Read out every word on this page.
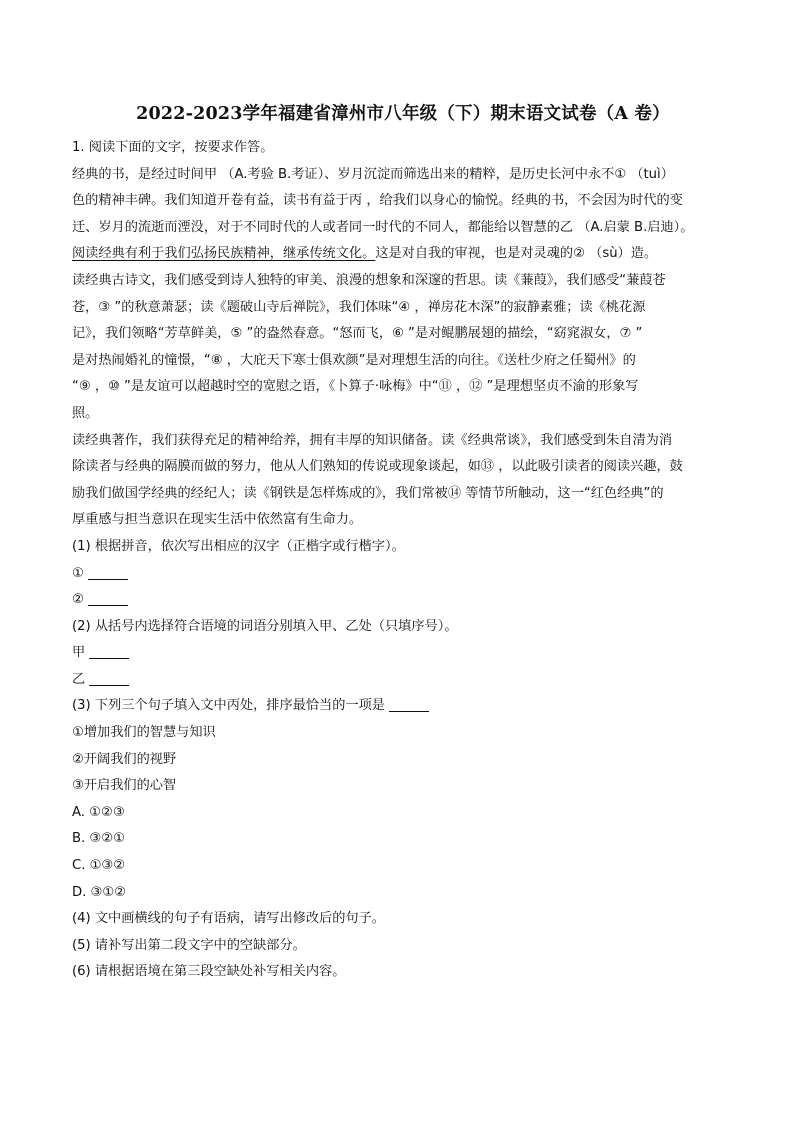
2022-2023学年福建省漳州市八年级（下）期末语文试卷（A 卷）
1. 阅读下面的文字，按要求作答。
经典的书，是经过时间甲 （A.考验 B.考证）、岁月沉淀而筛选出来的精粹，是历史长河中永不① （tuì）
色的精神丰碑。我们知道开卷有益，读书有益于丙 ，给我们以身心的愉悦。经典的书，不会因为时代的变
迁、岁月的流逝而湮没，对于不同时代的人或者同一时代的不同人，都能给以智慧的乙 （A.启蒙 B.启迪）。
阅读经典有利于我们弘扬民族精神，继承传统文化。这是对自我的审视，也是对灵魂的② （sù）造。
读经典古诗文，我们感受到诗人独特的审美、浪漫的想象和深邃的哲思。读《蒹葭》，我们感受“蒹葭苍
苍，③ ”的秋意萧瑟；读《题破山寺后禅院》，我们体味“④ ，禅房花木深”的寂静素雅；读《桃花源
记》，我们领略“芳草鲜美，⑤ ”的盎然春意。“怒而飞，⑥ ”是对鲲鹏展翅的描绘，“窈窕淑女，⑦ ”
是对热闹婚礼的憧憬，“⑧ ，大庇天下寒士俱欢颜”是对理想生活的向往。《送杜少府之任蜀州》的
“⑨ ，⑩ ”是友谊可以超越时空的宽慰之语，《卜算子·咏梅》中“⑪ ，⑫ ”是理想坚贞不渝的形象写
照。
读经典著作，我们获得充足的精神给养，拥有丰厚的知识储备。读《经典常谈》，我们感受到朱自清为消
除读者与经典的隔膜而做的努力，他从人们熟知的传说或现象谈起，如⑬ ，以此吸引读者的阅读兴趣，鼓
励我们做国学经典的经纪人；读《钢铁是怎样炼成的》，我们常被⑭ 等情节所触动，这一“红色经典”的
厚重感与担当意识在现实生活中依然富有生命力。
(1) 根据拼音，依次写出相应的汉字（正楷字或行楷字）。
①
②
(2) 从括号内选择符合语境的词语分别填入甲、乙处（只填序号）。
甲
乙
(3) 下列三个句子填入文中丙处，排序最恰当的一项是
①增加我们的智慧与知识
②开阔我们的视野
③开启我们的心智
A. ①②③
B. ③②①
C. ①③②
D. ③①②
(4) 文中画横线的句子有语病，请写出修改后的句子。
(5) 请补写出第二段文字中的空缺部分。
(6) 请根据语境在第三段空缺处补写相关内容。
